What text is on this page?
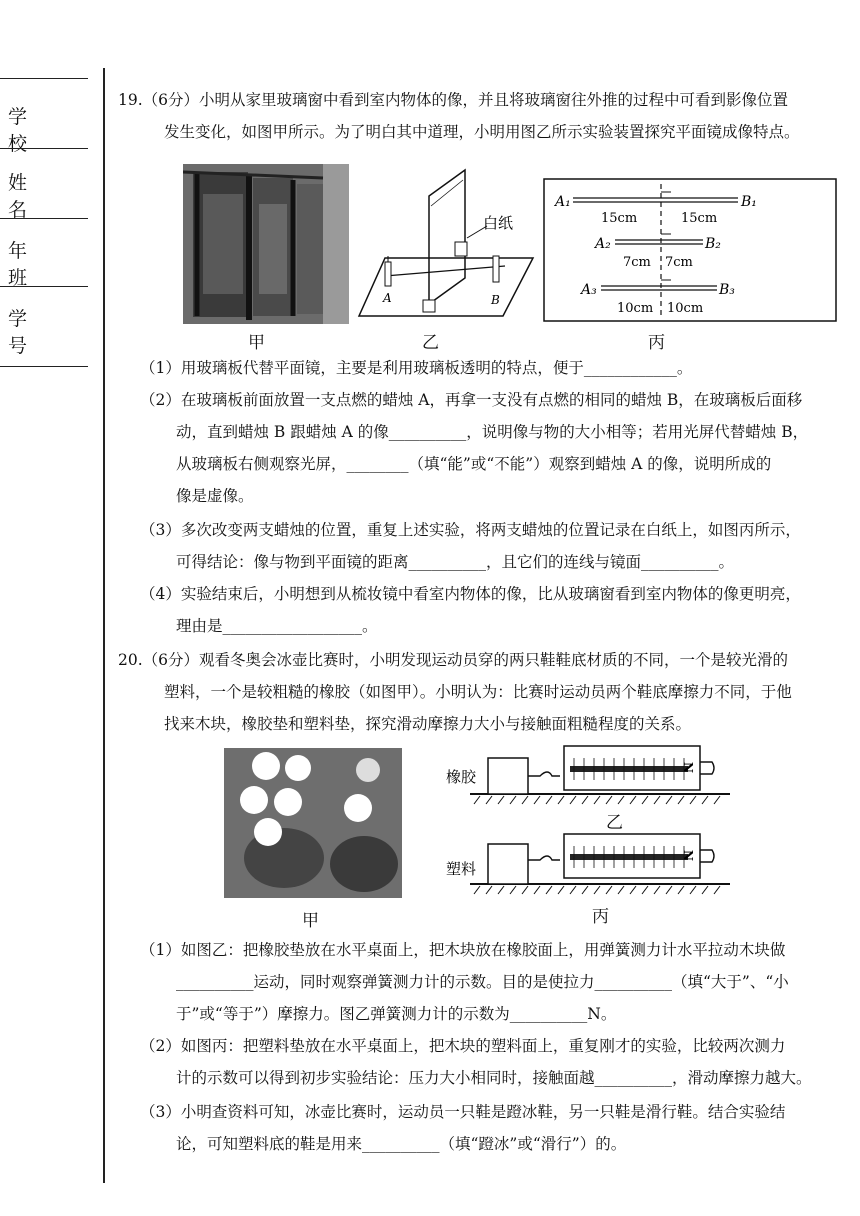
学 校
姓 名
年 班
学 号
19.（6分）小明从家里玻璃窗中看到室内物体的像，并且将玻璃窗往外推的过程中可看到影像位置
发生变化，如图甲所示。为了明白其中道理，小明用图乙所示实验装置探究平面镜成像特点。
甲
A	B
白纸
乙
A₁	B₁
15cm	15cm
A₂	B₂
7cm 7cm
A₃	B₃
10cm 10cm
丙
（1）用玻璃板代替平面镜，主要是利用玻璃板透明的特点，便于____________。
（2）在玻璃板前面放置一支点燃的蜡烛 A，再拿一支没有点燃的相同的蜡烛 B，在玻璃板后面移
动，直到蜡烛 B 跟蜡烛 A 的像__________，说明像与物的大小相等；若用光屏代替蜡烛 B，
从玻璃板右侧观察光屏，________（填“能”或“不能”）观察到蜡烛 A 的像，说明所成的
像是虚像。
（3）多次改变两支蜡烛的位置，重复上述实验，将两支蜡烛的位置记录在白纸上，如图丙所示，
可得结论：像与物到平面镜的距离__________，且它们的连线与镜面__________。
（4）实验结束后，小明想到从梳妆镜中看室内物体的像，比从玻璃窗看到室内物体的像更明亮，
理由是__________________。
20.（6分）观看冬奥会冰壶比赛时，小明发现运动员穿的两只鞋鞋底材质的不同，一个是较光滑的
塑料，一个是较粗糙的橡胶（如图甲）。小明认为：比赛时运动员两个鞋底摩擦力不同，于他
找来木块，橡胶垫和塑料垫，探究滑动摩擦力大小与接触面粗糙程度的关系。
甲
N
橡胶
乙
N
塑料
丙
（1）如图乙：把橡胶垫放在水平桌面上，把木块放在橡胶面上，用弹簧测力计水平拉动木块做
__________运动，同时观察弹簧测力计的示数。目的是使拉力__________（填“大于”、“小
于”或“等于”）摩擦力。图乙弹簧测力计的示数为__________N。
（2）如图丙：把塑料垫放在水平桌面上，把木块的塑料面上，重复刚才的实验，比较两次测力
计的示数可以得到初步实验结论：压力大小相同时，接触面越__________，滑动摩擦力越大。
（3）小明查资料可知，冰壶比赛时，运动员一只鞋是蹬冰鞋，另一只鞋是滑行鞋。结合实验结
论，可知塑料底的鞋是用来__________（填“蹬冰”或“滑行”）的。
